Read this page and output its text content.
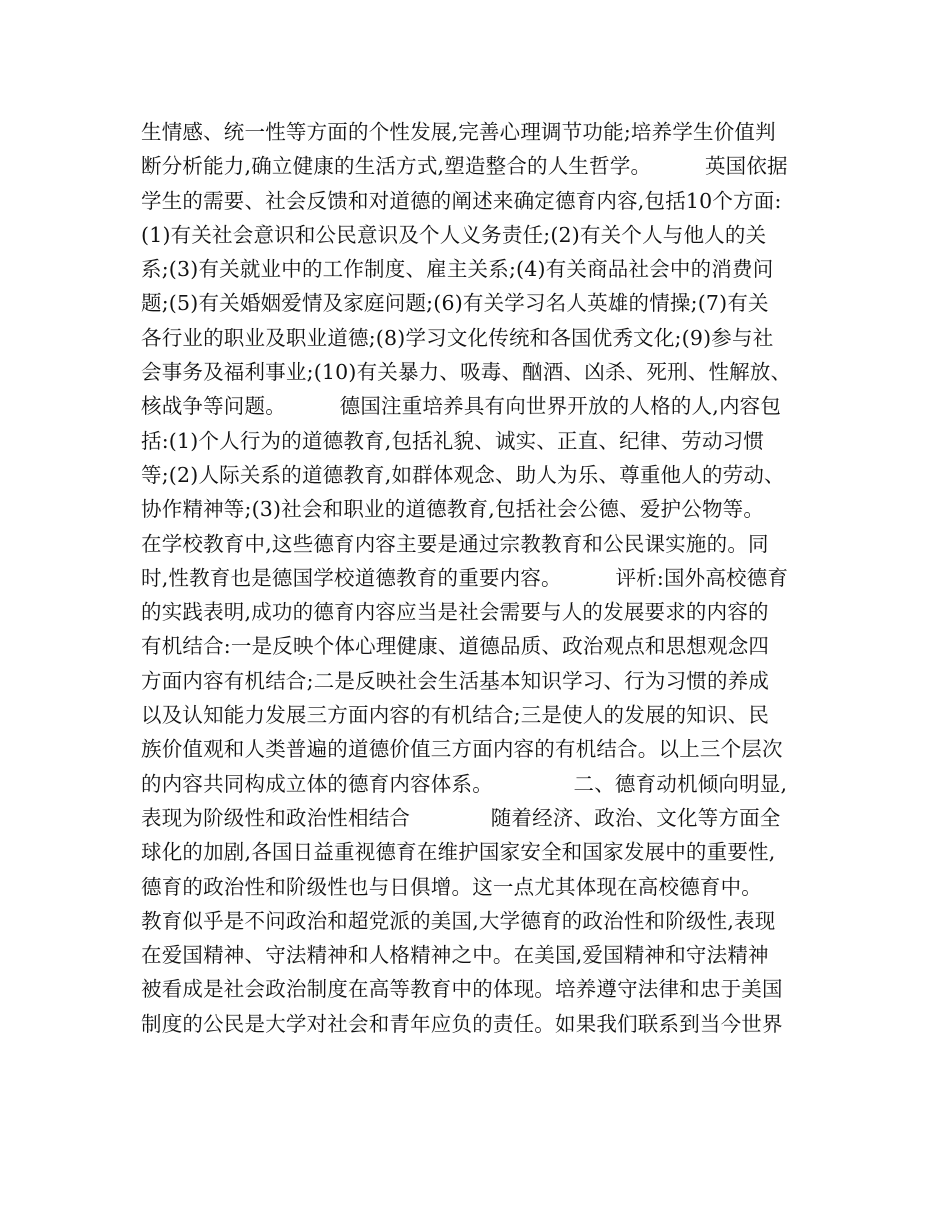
生情感、统一性等方面的个性发展,完善心理调节功能;培养学生价值判
断分析能力,确立健康的生活方式,塑造整合的人生哲学。        英国依据
学生的需要、社会反馈和对道德的阐述来确定德育内容,包括10个方面:
(1)有关社会意识和公民意识及个人义务责任;(2)有关个人与他人的关
系;(3)有关就业中的工作制度、雇主关系;(4)有关商品社会中的消费问
题;(5)有关婚姻爱情及家庭问题;(6)有关学习名人英雄的情操;(7)有关
各行业的职业及职业道德;(8)学习文化传统和各国优秀文化;(9)参与社
会事务及福利事业;(10)有关暴力、吸毒、酗酒、凶杀、死刑、性解放、
核战争等问题。        德国注重培养具有向世界开放的人格的人,内容包
括:(1)个人行为的道德教育,包括礼貌、诚实、正直、纪律、劳动习惯
等;(2)人际关系的道德教育,如群体观念、助人为乐、尊重他人的劳动、
协作精神等;(3)社会和职业的道德教育,包括社会公德、爱护公物等。
在学校教育中,这些德育内容主要是通过宗教教育和公民课实施的。同
时,性教育也是德国学校道德教育的重要内容。        评析:国外高校德育
的实践表明,成功的德育内容应当是社会需要与人的发展要求的内容的
有机结合:一是反映个体心理健康、道德品质、政治观点和思想观念四
方面内容有机结合;二是反映社会生活基本知识学习、行为习惯的养成
以及认知能力发展三方面内容的有机结合;三是使人的发展的知识、民
族价值观和人类普遍的道德价值三方面内容的有机结合。以上三个层次
的内容共同构成立体的德育内容体系。            二、德育动机倾向明显,
表现为阶级性和政治性相结合            随着经济、政治、文化等方面全
球化的加剧,各国日益重视德育在维护国家安全和国家发展中的重要性,
德育的政治性和阶级性也与日俱增。这一点尤其体现在高校德育中。
教育似乎是不问政治和超党派的美国,大学德育的政治性和阶级性,表现
在爱国精神、守法精神和人格精神之中。在美国,爱国精神和守法精神
被看成是社会政治制度在高等教育中的体现。培养遵守法律和忠于美国
制度的公民是大学对社会和青年应负的责任。如果我们联系到当今世界
